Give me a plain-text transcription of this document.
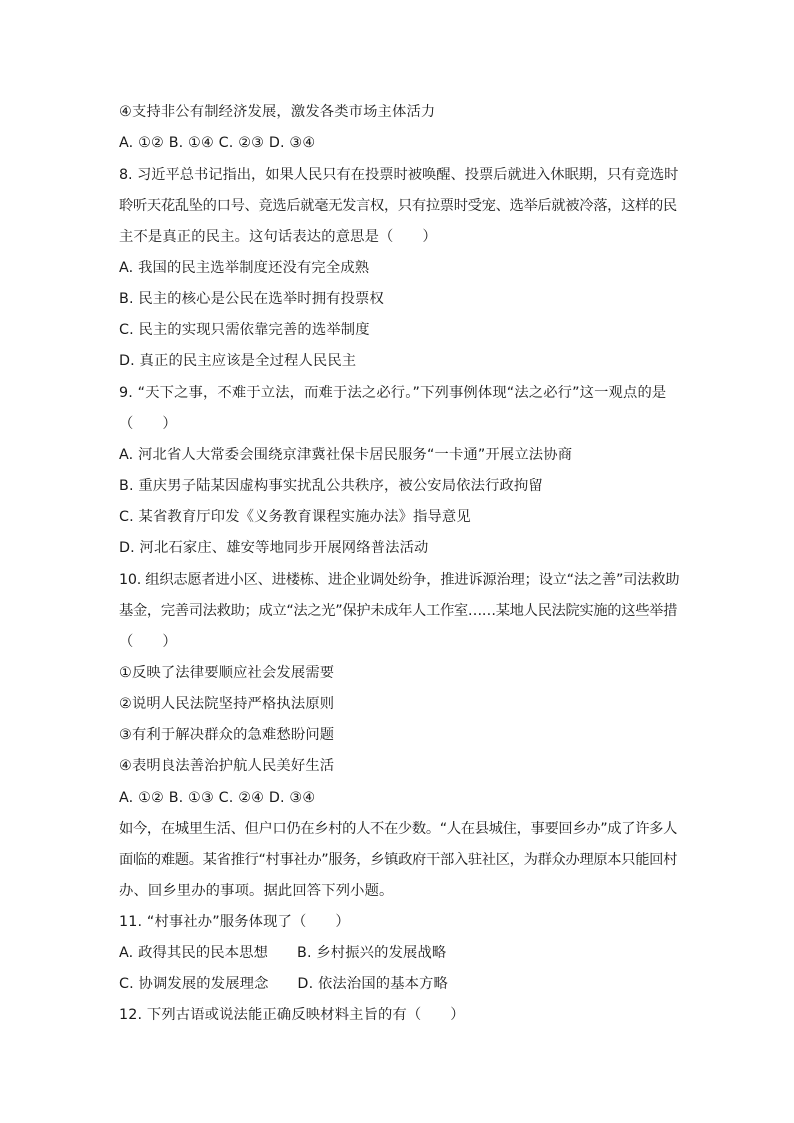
④支持非公有制经济发展，激发各类市场主体活力
A. ①② B. ①④ C. ②③ D. ③④
8. 习近平总书记指出，如果人民只有在投票时被唤醒、投票后就进入休眠期，只有竞选时
聆听天花乱坠的口号、竞选后就毫无发言权，只有拉票时受宠、选举后就被冷落，这样的民
主不是真正的民主。这句话表达的意思是（　　）
A. 我国的民主选举制度还没有完全成熟
B. 民主的核心是公民在选举时拥有投票权
C. 民主的实现只需依靠完善的选举制度
D. 真正的民主应该是全过程人民民主
9. “天下之事，不难于立法，而难于法之必行。”下列事例体现“法之必行”这一观点的是
（　　）
A. 河北省人大常委会围绕京津冀社保卡居民服务“一卡通”开展立法协商
B. 重庆男子陆某因虚构事实扰乱公共秩序，被公安局依法行政拘留
C. 某省教育厅印发《义务教育课程实施办法》指导意见
D. 河北石家庄、雄安等地同步开展网络普法活动
10. 组织志愿者进小区、进楼栋、进企业调处纷争，推进诉源治理；设立“法之善”司法救助
基金，完善司法救助；成立“法之光”保护未成年人工作室……某地人民法院实施的这些举措
（　　）
①反映了法律要顺应社会发展需要
②说明人民法院坚持严格执法原则
③有利于解决群众的急难愁盼问题
④表明良法善治护航人民美好生活
A. ①② B. ①③ C. ②④ D. ③④
如今，在城里生活、但户口仍在乡村的人不在少数。“人在县城住，事要回乡办”成了许多人
面临的难题。某省推行“村事社办”服务，乡镇政府干部入驻社区，为群众办理原本只能回村
办、回乡里办的事项。据此回答下列小题。
11. “村事社办”服务体现了（　　）
A. 政得其民的民本思想　　B. 乡村振兴的发展战略
C. 协调发展的发展理念　　D. 依法治国的基本方略
12. 下列古语或说法能正确反映材料主旨的有（　　）
